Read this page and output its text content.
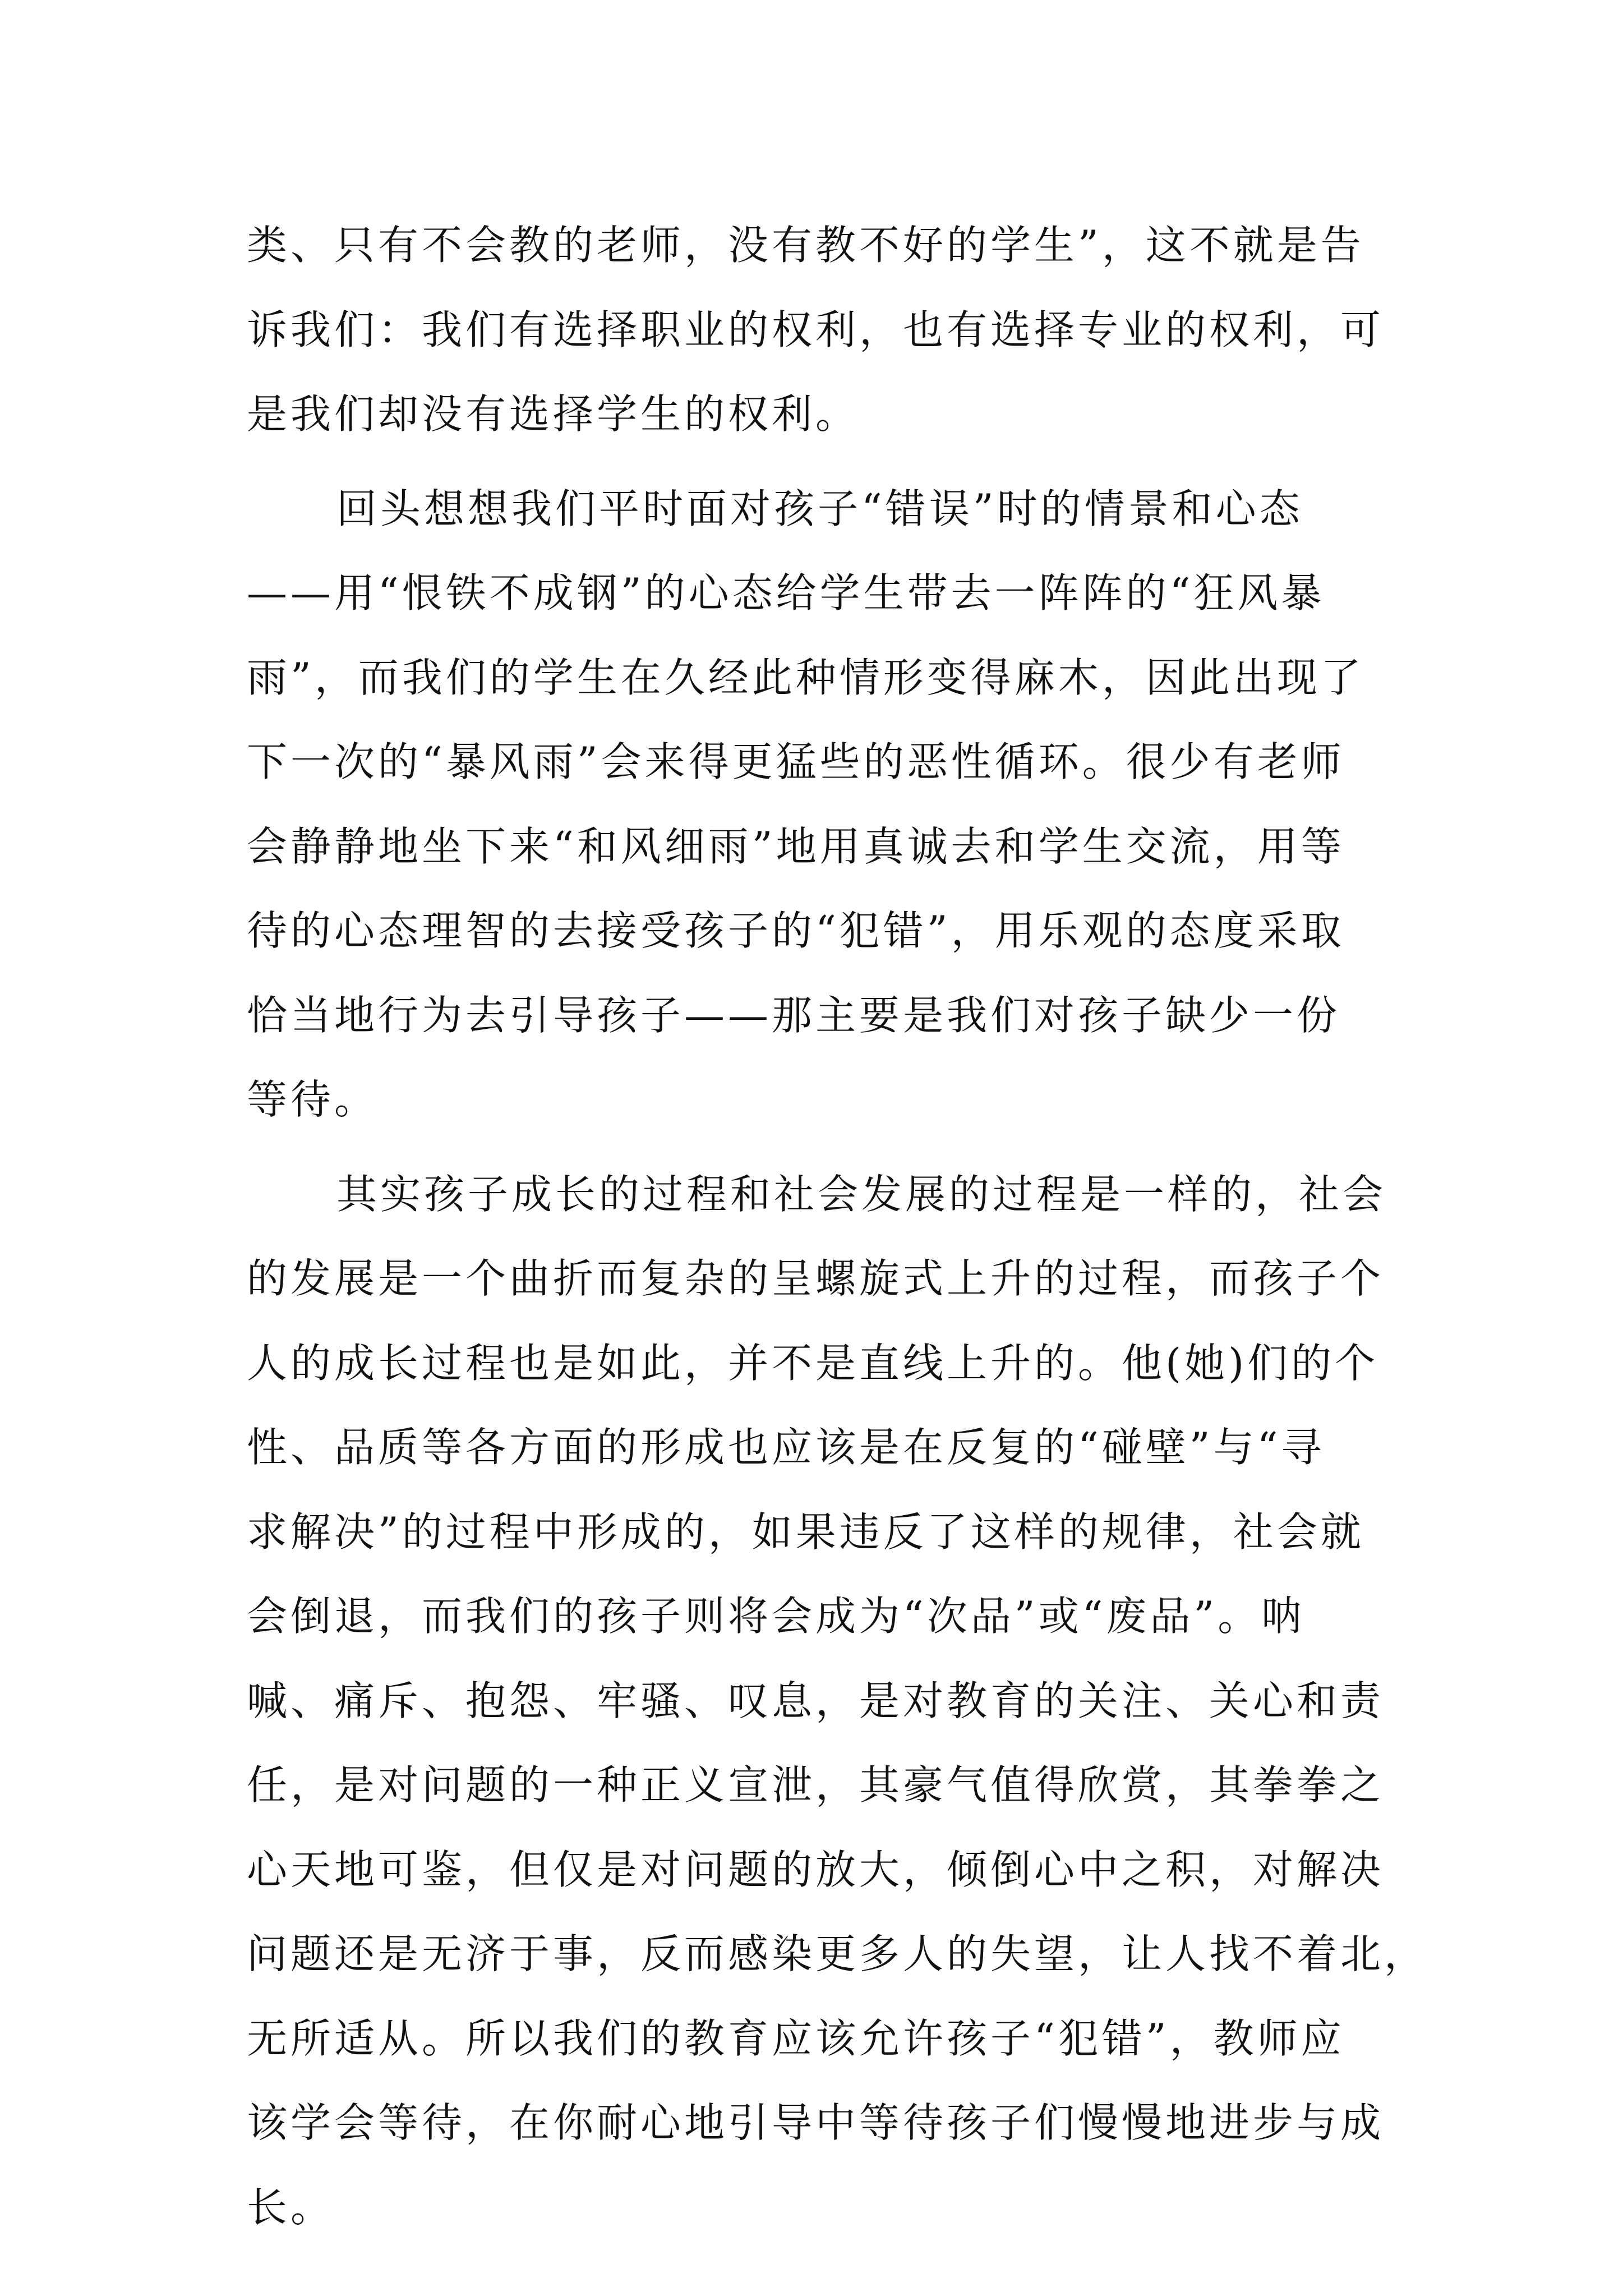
类、只有不会教的老师，没有教不好的学生”，这不就是告
诉我们：我们有选择职业的权利，也有选择专业的权利，可
是我们却没有选择学生的权利。
回头想想我们平时面对孩子“错误”时的情景和心态
——用“恨铁不成钢”的心态给学生带去一阵阵的“狂风暴
雨”，而我们的学生在久经此种情形变得麻木，因此出现了
下一次的“暴风雨”会来得更猛些的恶性循环。很少有老师
会静静地坐下来“和风细雨”地用真诚去和学生交流，用等
待的心态理智的去接受孩子的“犯错”，用乐观的态度采取
恰当地行为去引导孩子——那主要是我们对孩子缺少一份
等待。
其实孩子成长的过程和社会发展的过程是一样的，社会
的发展是一个曲折而复杂的呈螺旋式上升的过程，而孩子个
人的成长过程也是如此，并不是直线上升的。他(她)们的个
性、品质等各方面的形成也应该是在反复的“碰壁”与“寻
求解决”的过程中形成的，如果违反了这样的规律，社会就
会倒退，而我们的孩子则将会成为“次品”或“废品”。呐
喊、痛斥、抱怨、牢骚、叹息，是对教育的关注、关心和责
任，是对问题的一种正义宣泄，其豪气值得欣赏，其拳拳之
心天地可鉴，但仅是对问题的放大，倾倒心中之积，对解决
问题还是无济于事，反而感染更多人的失望，让人找不着北，
无所适从。所以我们的教育应该允许孩子“犯错”，教师应
该学会等待，在你耐心地引导中等待孩子们慢慢地进步与成
长。
